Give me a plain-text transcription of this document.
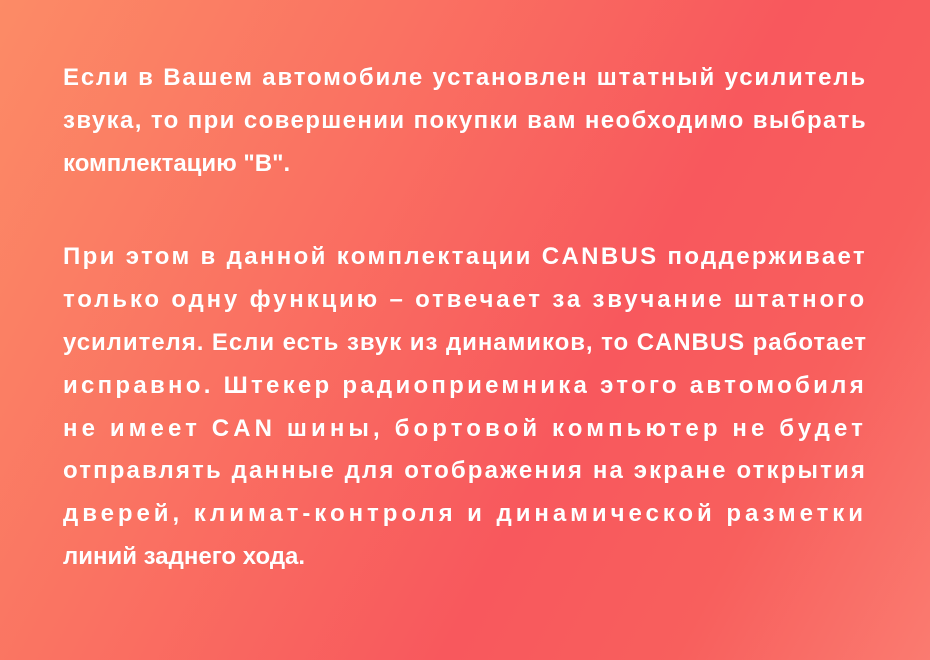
Если в Вашем автомобиле установлен штатный усилитель
звука, то при совершении покупки вам необходимо выбрать
комплектацию "В".
При этом в данной комплектации CANBUS поддерживает
только одну функцию – отвечает за звучание штатного
усилителя. Если есть звук из динамиков, то CANBUS работает
исправно. Штекер радиоприемника этого автомобиля
не имеет CAN шины, бортовой компьютер не будет
отправлять данные для отображения на экране открытия
дверей, климат-контроля и динамической разметки
линий заднего хода.
